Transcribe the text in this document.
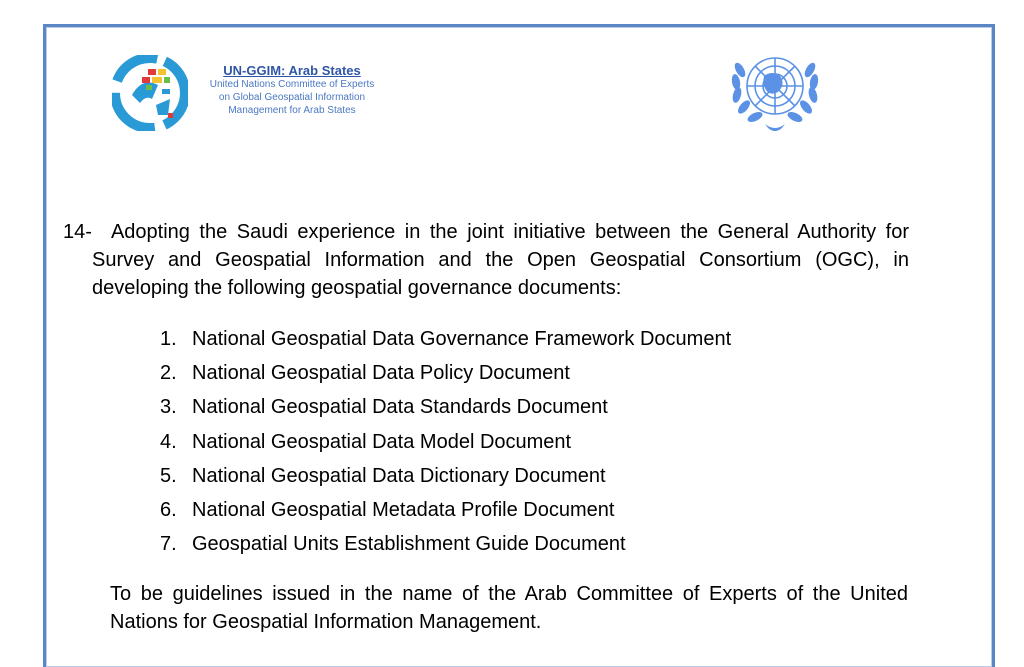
UN-GGIM: Arab States
United Nations Committee of Experts
on Global Geospatial Information
Management for Arab States
14- Adopting the Saudi experience in the joint initiative between the General Authority for Survey and Geospatial Information and the Open Geospatial Consortium (OGC), in developing the following geospatial governance documents:
1. National Geospatial Data Governance Framework Document
2. National Geospatial Data Policy Document
3. National Geospatial Data Standards Document
4. National Geospatial Data Model Document
5. National Geospatial Data Dictionary Document
6. National Geospatial Metadata Profile Document
7. Geospatial Units Establishment Guide Document
To be guidelines issued in the name of the Arab Committee of Experts of the United Nations for Geospatial Information Management.
